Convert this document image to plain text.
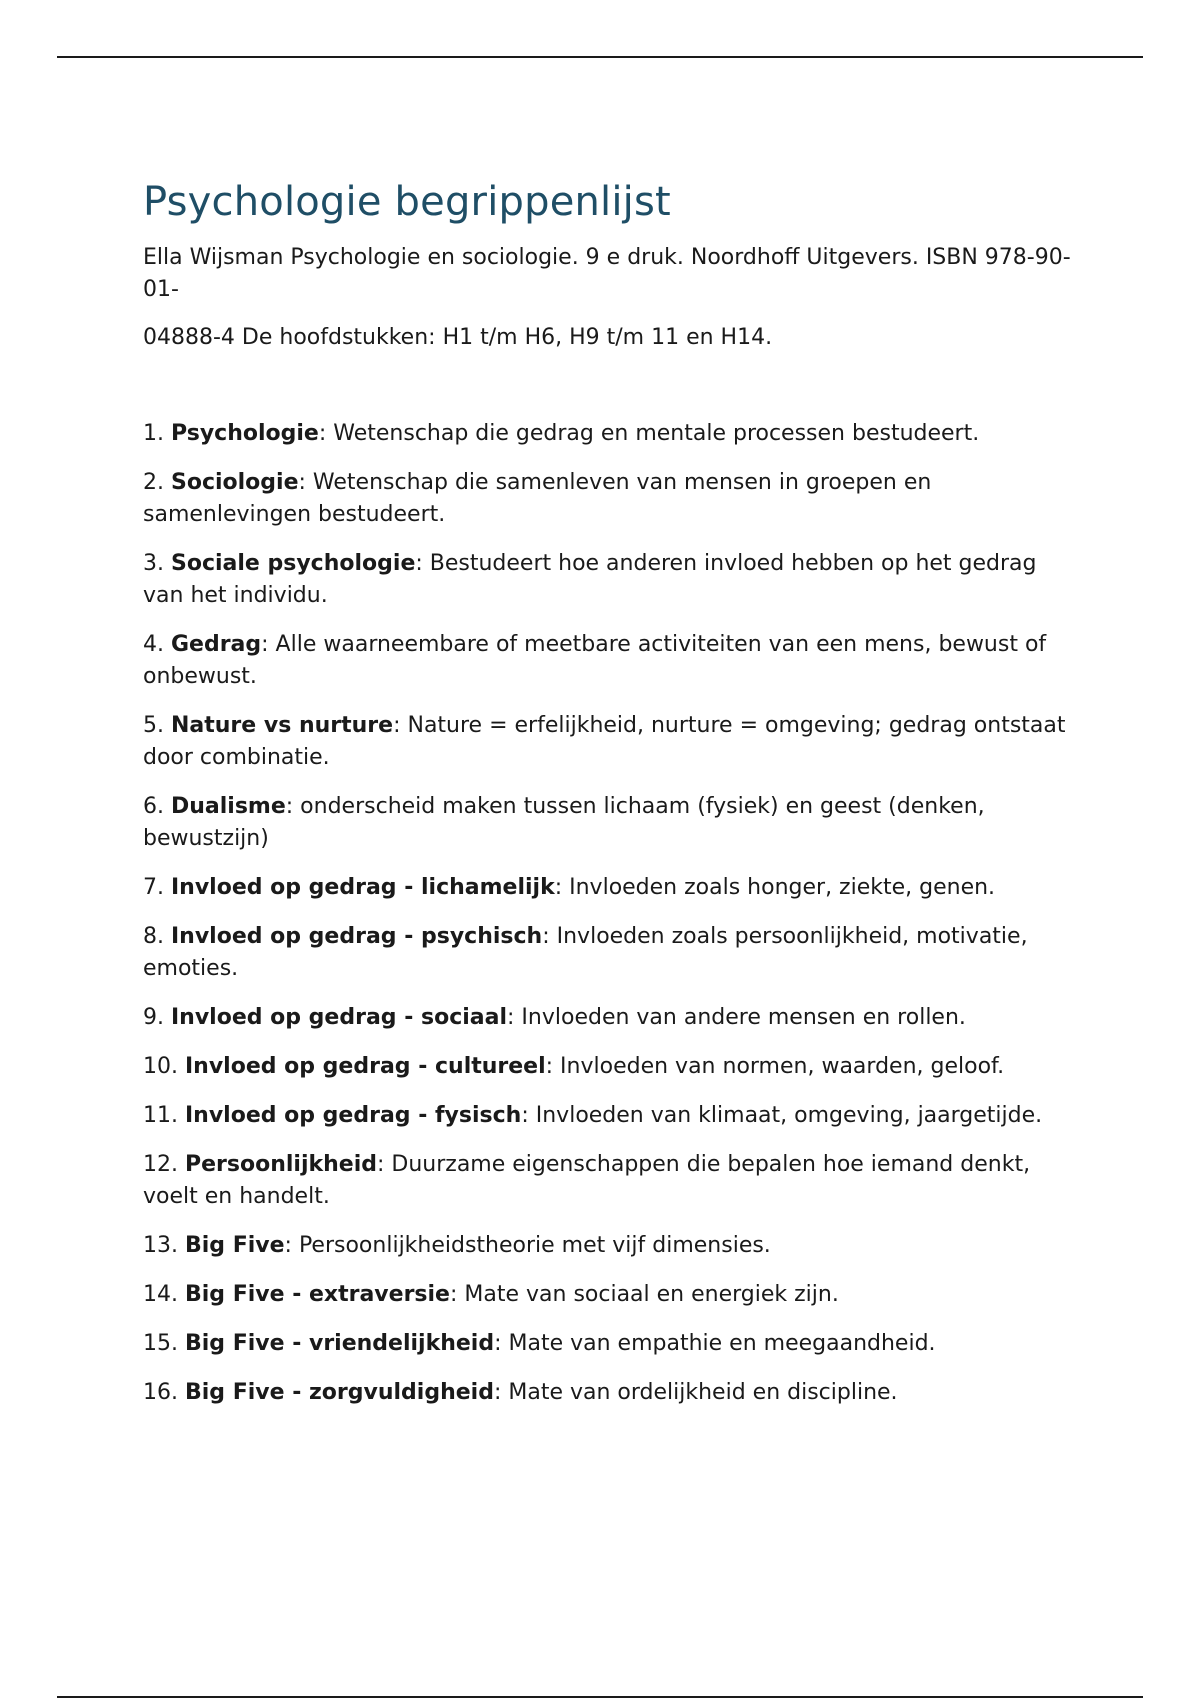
Psychologie begrippenlijst

Ella Wijsman Psychologie en sociologie. 9 e druk. Noordhoff Uitgevers. ISBN 978-90-01-

04888-4 De hoofdstukken: H1 t/m H6, H9 t/m 11 en H14.

1. Psychologie: Wetenschap die gedrag en mentale processen bestudeert.
2. Sociologie: Wetenschap die samenleven van mensen in groepen en samenlevingen bestudeert.
3. Sociale psychologie: Bestudeert hoe anderen invloed hebben op het gedrag van het individu.
4. Gedrag: Alle waarneembare of meetbare activiteiten van een mens, bewust of onbewust.
5. Nature vs nurture: Nature = erfelijkheid, nurture = omgeving; gedrag ontstaat door combinatie.
6. Dualisme: onderscheid maken tussen lichaam (fysiek) en geest (denken, bewustzijn)
7. Invloed op gedrag - lichamelijk: Invloeden zoals honger, ziekte, genen.
8. Invloed op gedrag - psychisch: Invloeden zoals persoonlijkheid, motivatie, emoties.
9. Invloed op gedrag - sociaal: Invloeden van andere mensen en rollen.
10. Invloed op gedrag - cultureel: Invloeden van normen, waarden, geloof.
11. Invloed op gedrag - fysisch: Invloeden van klimaat, omgeving, jaargetijde.
12. Persoonlijkheid: Duurzame eigenschappen die bepalen hoe iemand denkt, voelt en handelt.
13. Big Five: Persoonlijkheidstheorie met vijf dimensies.
14. Big Five - extraversie: Mate van sociaal en energiek zijn.
15. Big Five - vriendelijkheid: Mate van empathie en meegaandheid.
16. Big Five - zorgvuldigheid: Mate van ordelijkheid en discipline.
